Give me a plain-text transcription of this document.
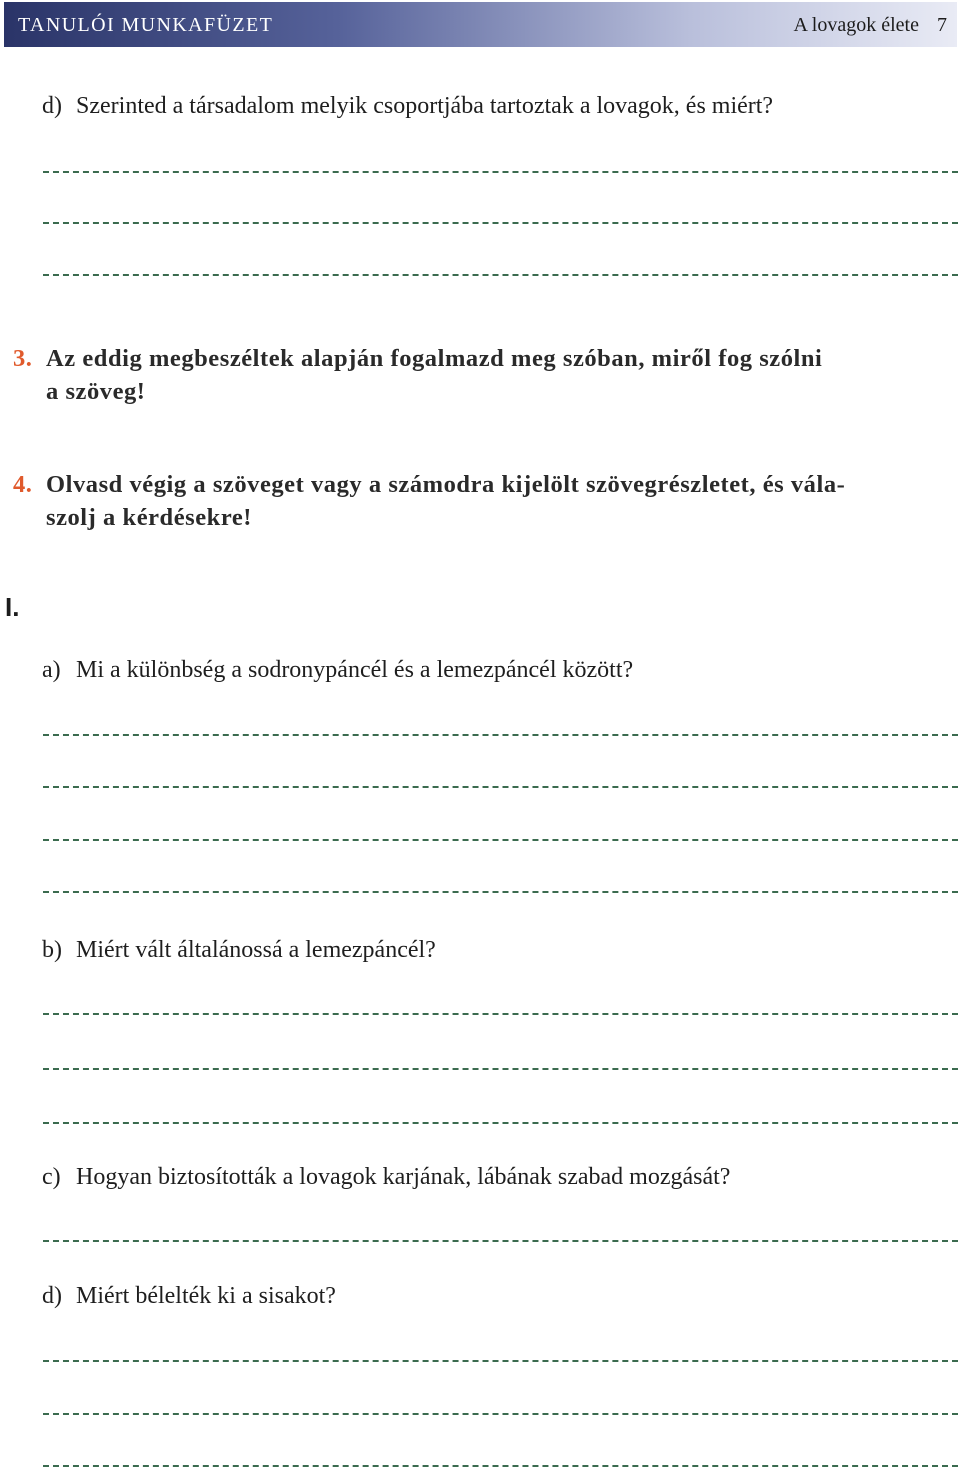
TANULÓI MUNKAFÜZET	A lovagok élete 7
d) Szerinted a társadalom melyik csoportjába tartoztak a lovagok, és miért?
3. Az eddig megbeszéltek alapján fogalmazd meg szóban, miről fog szólni
a szöveg!
4. Olvasd végig a szöveget vagy a számodra kijelölt szövegrészletet, és vála-
szolj a kérdésekre!
I.
a) Mi a különbség a sodronypáncél és a lemezpáncél között?
b) Miért vált általánossá a lemezpáncél?
c) Hogyan biztosították a lovagok karjának, lábának szabad mozgását?
d) Miért bélelték ki a sisakot?
